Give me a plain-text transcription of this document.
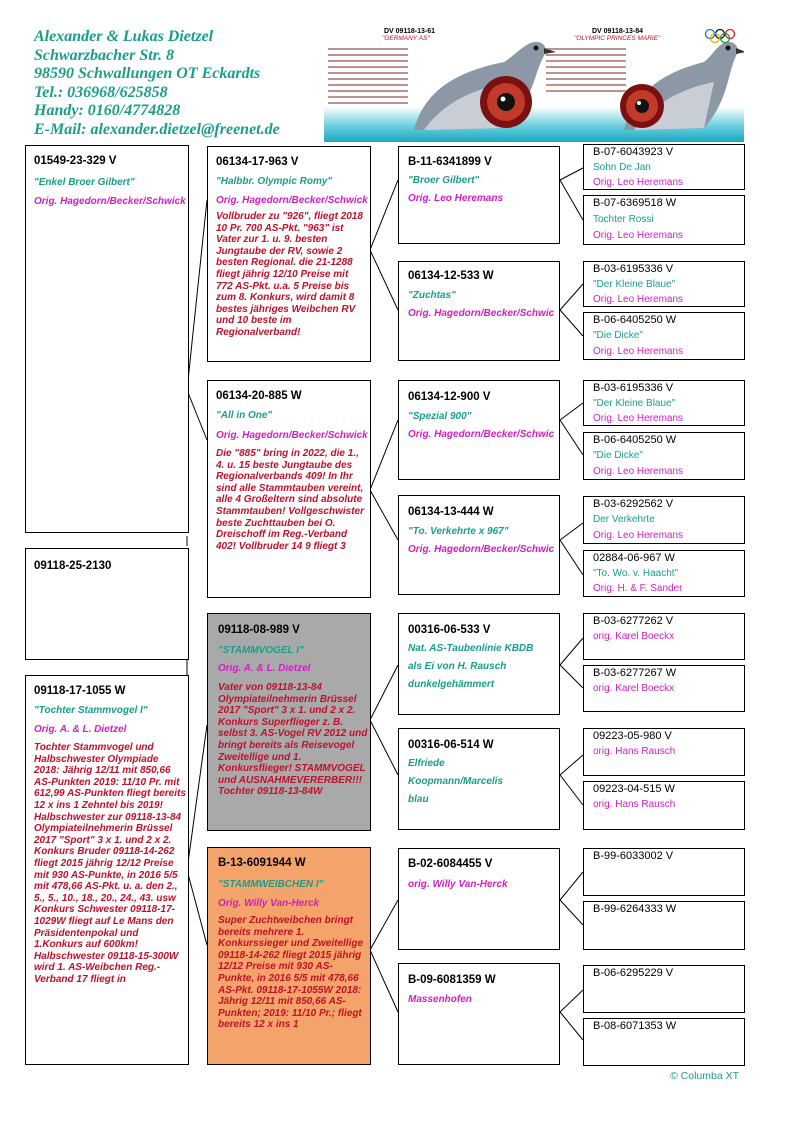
Alexander & Lukas Dietzel
Schwarzbacher Str. 8
98590 Schwallungen OT Eckardts
Tel.: 036968/625858
Handy: 0160/4774828
E-Mail: alexander.dietzel@freenet.de
DV 09118-13-61
"GERMANY AS"
DV 09118-13-84
"OLYMPIC PRINCES MARIE"
01549-23-329 V
"Enkel Broer Gilbert"
Orig. Hagedorn/Becker/Schwick
09118-25-2130
09118-17-1055 W
"Tochter Stammvogel I"
Orig. A. & L. Dietzel
Tochter Stammvogel und Halbschwester Olympiade 2018: Jährig 12/11 mit 850,66 AS-Punkten 2019: 11/10 Pr. mit 612,99 AS-Punkten fliegt bereits 12 x ins 1 Zehntel bis 2019! Halbschwester zur 09118-13-84 Olympiateilnehmerin Brüssel 2017 "Sport" 3 x 1. und 2 x 2. Konkurs Bruder 09118-14-262 fliegt 2015 jährig 12/12 Preise mit 930 AS-Punkte, in 2016 5/5 mit 478,66 AS-Pkt. u. a. den 2., 5., 5., 10., 18., 20., 24., 43. usw Konkurs Schwester 09118-17-1029W fliegt auf Le Mans den Präsidentenpokal und 1.Konkurs auf 600km! Halbschwester 09118-15-300W wird 1. AS-Weibchen Reg.-Verband 17 fliegt in
06134-17-963 V
"Halbbr. Olympic Romy"
Orig. Hagedorn/Becker/Schwick
Vollbruder zu "926", fliegt 2018 10 Pr. 700 AS-Pkt. "963" ist Vater zur 1. u. 9. besten Jungtaube der RV, sowie 2 besten Regional. die 21-1288 fliegt jährig 12/10 Preise mit 772 AS-Pkt. u.a. 5 Preise bis zum 8. Konkurs, wird damit 8 bestes jähriges Weibchen RV und 10 beste im Regionalverband!
06134-20-885 W
"All in One"
Orig. Hagedorn/Becker/Schwick
Die "885" bring in 2022, die 1., 4. u. 15 beste Jungtaube des Regionalverbands 409! In Ihr sind alle Stammtauben vereint, alle 4 Großeltern sind absolute Stammtauben! Vollgeschwister beste Zuchttauben bei O. Dreischoff im Reg.-Verband 402! Vollbruder 14 9 fliegt 3
09118-08-989 V
"STAMMVOGEL I"
Orig. A. & L. Dietzel
Vater von 09118-13-84 Olympiateilnehmerin Brüssel 2017 "Sport" 3 x 1. und 2 x 2. Konkurs Superflieger z. B. selbst 3. AS-Vogel RV 2012 und bringt bereits als Reisevogel Zweitellige und 1. Konkursflieger! STAMMVOGEL und AUSNAHMEVERERBER!!! Tochter 09118-13-84W
B-13-6091944 W
"STAMMWEIBCHEN I"
Orig. Willy Van-Herck
Super Zuchtweibchen bringt bereits mehrere 1. Konkurssieger und Zweitellige 09118-14-262 fliegt 2015 jährig 12/12 Preise mit 930 AS-Punkte, in 2016 5/5 mit 478,66 AS-Pkt. 09118-17-1055W 2018: Jährig 12/11 mit 850,66 AS-Punkten; 2019: 11/10 Pr.; fliegt bereits 12 x ins 1
B-11-6341899 V
"Broer Gilbert"
Orig. Leo Heremans
06134-12-533 W
"Zuchtas"
Orig. Hagedorn/Becker/Schwic
06134-12-900 V
"Spezial 900"
Orig. Hagedorn/Becker/Schwic
06134-13-444 W
"To. Verkehrte x 967"
Orig. Hagedorn/Becker/Schwic
00316-06-533 V
Nat. AS-Taubenlinie KBDB
als Ei von H. Rausch
dunkelgehämmert
00316-06-514 W
Elfriede
Koopmann/Marcelis
blau
B-02-6084455 V
orig. Willy Van-Herck
B-09-6081359 W
Massenhofen
B-07-6043923 V
Sohn De Jan
Orig. Leo Heremans
B-07-6369518 W
Tochter Rossi
Orig. Leo Heremans
B-03-6195336 V
"Der Kleine Blaue"
Orig. Leo Heremans
B-06-6405250 W
"Die Dicke"
Orig. Leo Heremans
B-03-6195336 V
"Der Kleine Blaue"
Orig. Leo Heremans
B-06-6405250 W
"Die Dicke"
Orig. Leo Heremans
B-03-6292562 V
Der Verkehrte
Orig. Leo Heremans
02884-06-967 W
"To. Wo. v. Haacht"
Orig. H. & F. Sander
B-03-6277262 V
orig. Karel Boeckx
B-03-6277267 W
orig. Karel Boeckx
09223-05-980 V
orig. Hans Rausch
09223-04-515 W
orig. Hans Rausch
B-99-6033002 V
B-99-6264333 W
B-06-6295229 V
B-08-6071353 W
© Columba XT
